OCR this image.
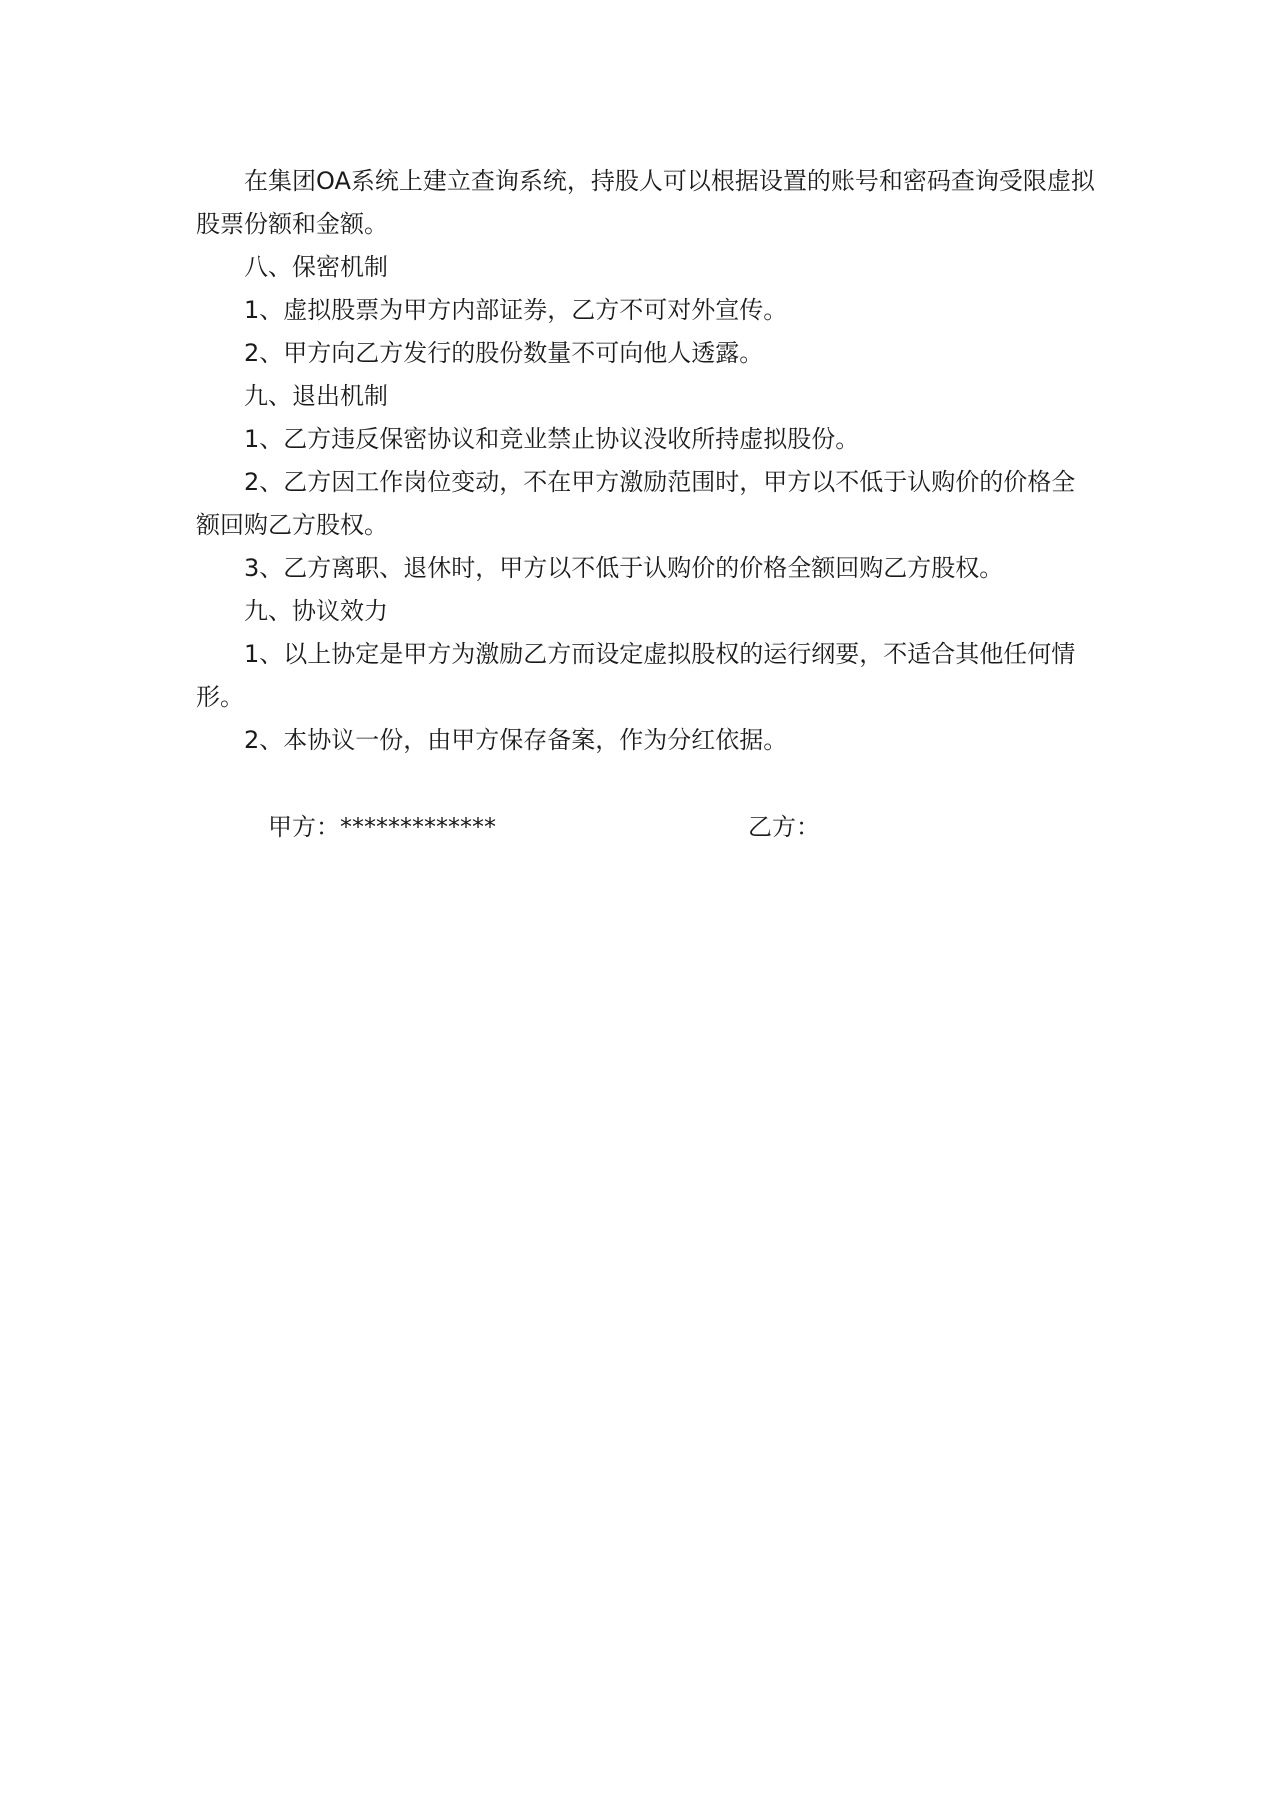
在集团OA系统上建立查询系统，持股人可以根据设置的账号和密码查询受限虚拟股票份额和金额。

八、保密机制

1、虚拟股票为甲方内部证券，乙方不可对外宣传。

2、甲方向乙方发行的股份数量不可向他人透露。

九、退出机制

1、乙方违反保密协议和竞业禁止协议没收所持虚拟股份。

2、乙方因工作岗位变动，不在甲方激励范围时，甲方以不低于认购价的价格全额回购乙方股权。

3、乙方离职、退休时，甲方以不低于认购价的价格全额回购乙方股权。

九、协议效力

1、以上协定是甲方为激励乙方而设定虚拟股权的运行纲要，不适合其他任何情形。

2、本协议一份，由甲方保存备案，作为分红依据。

甲方：*************	乙方：
